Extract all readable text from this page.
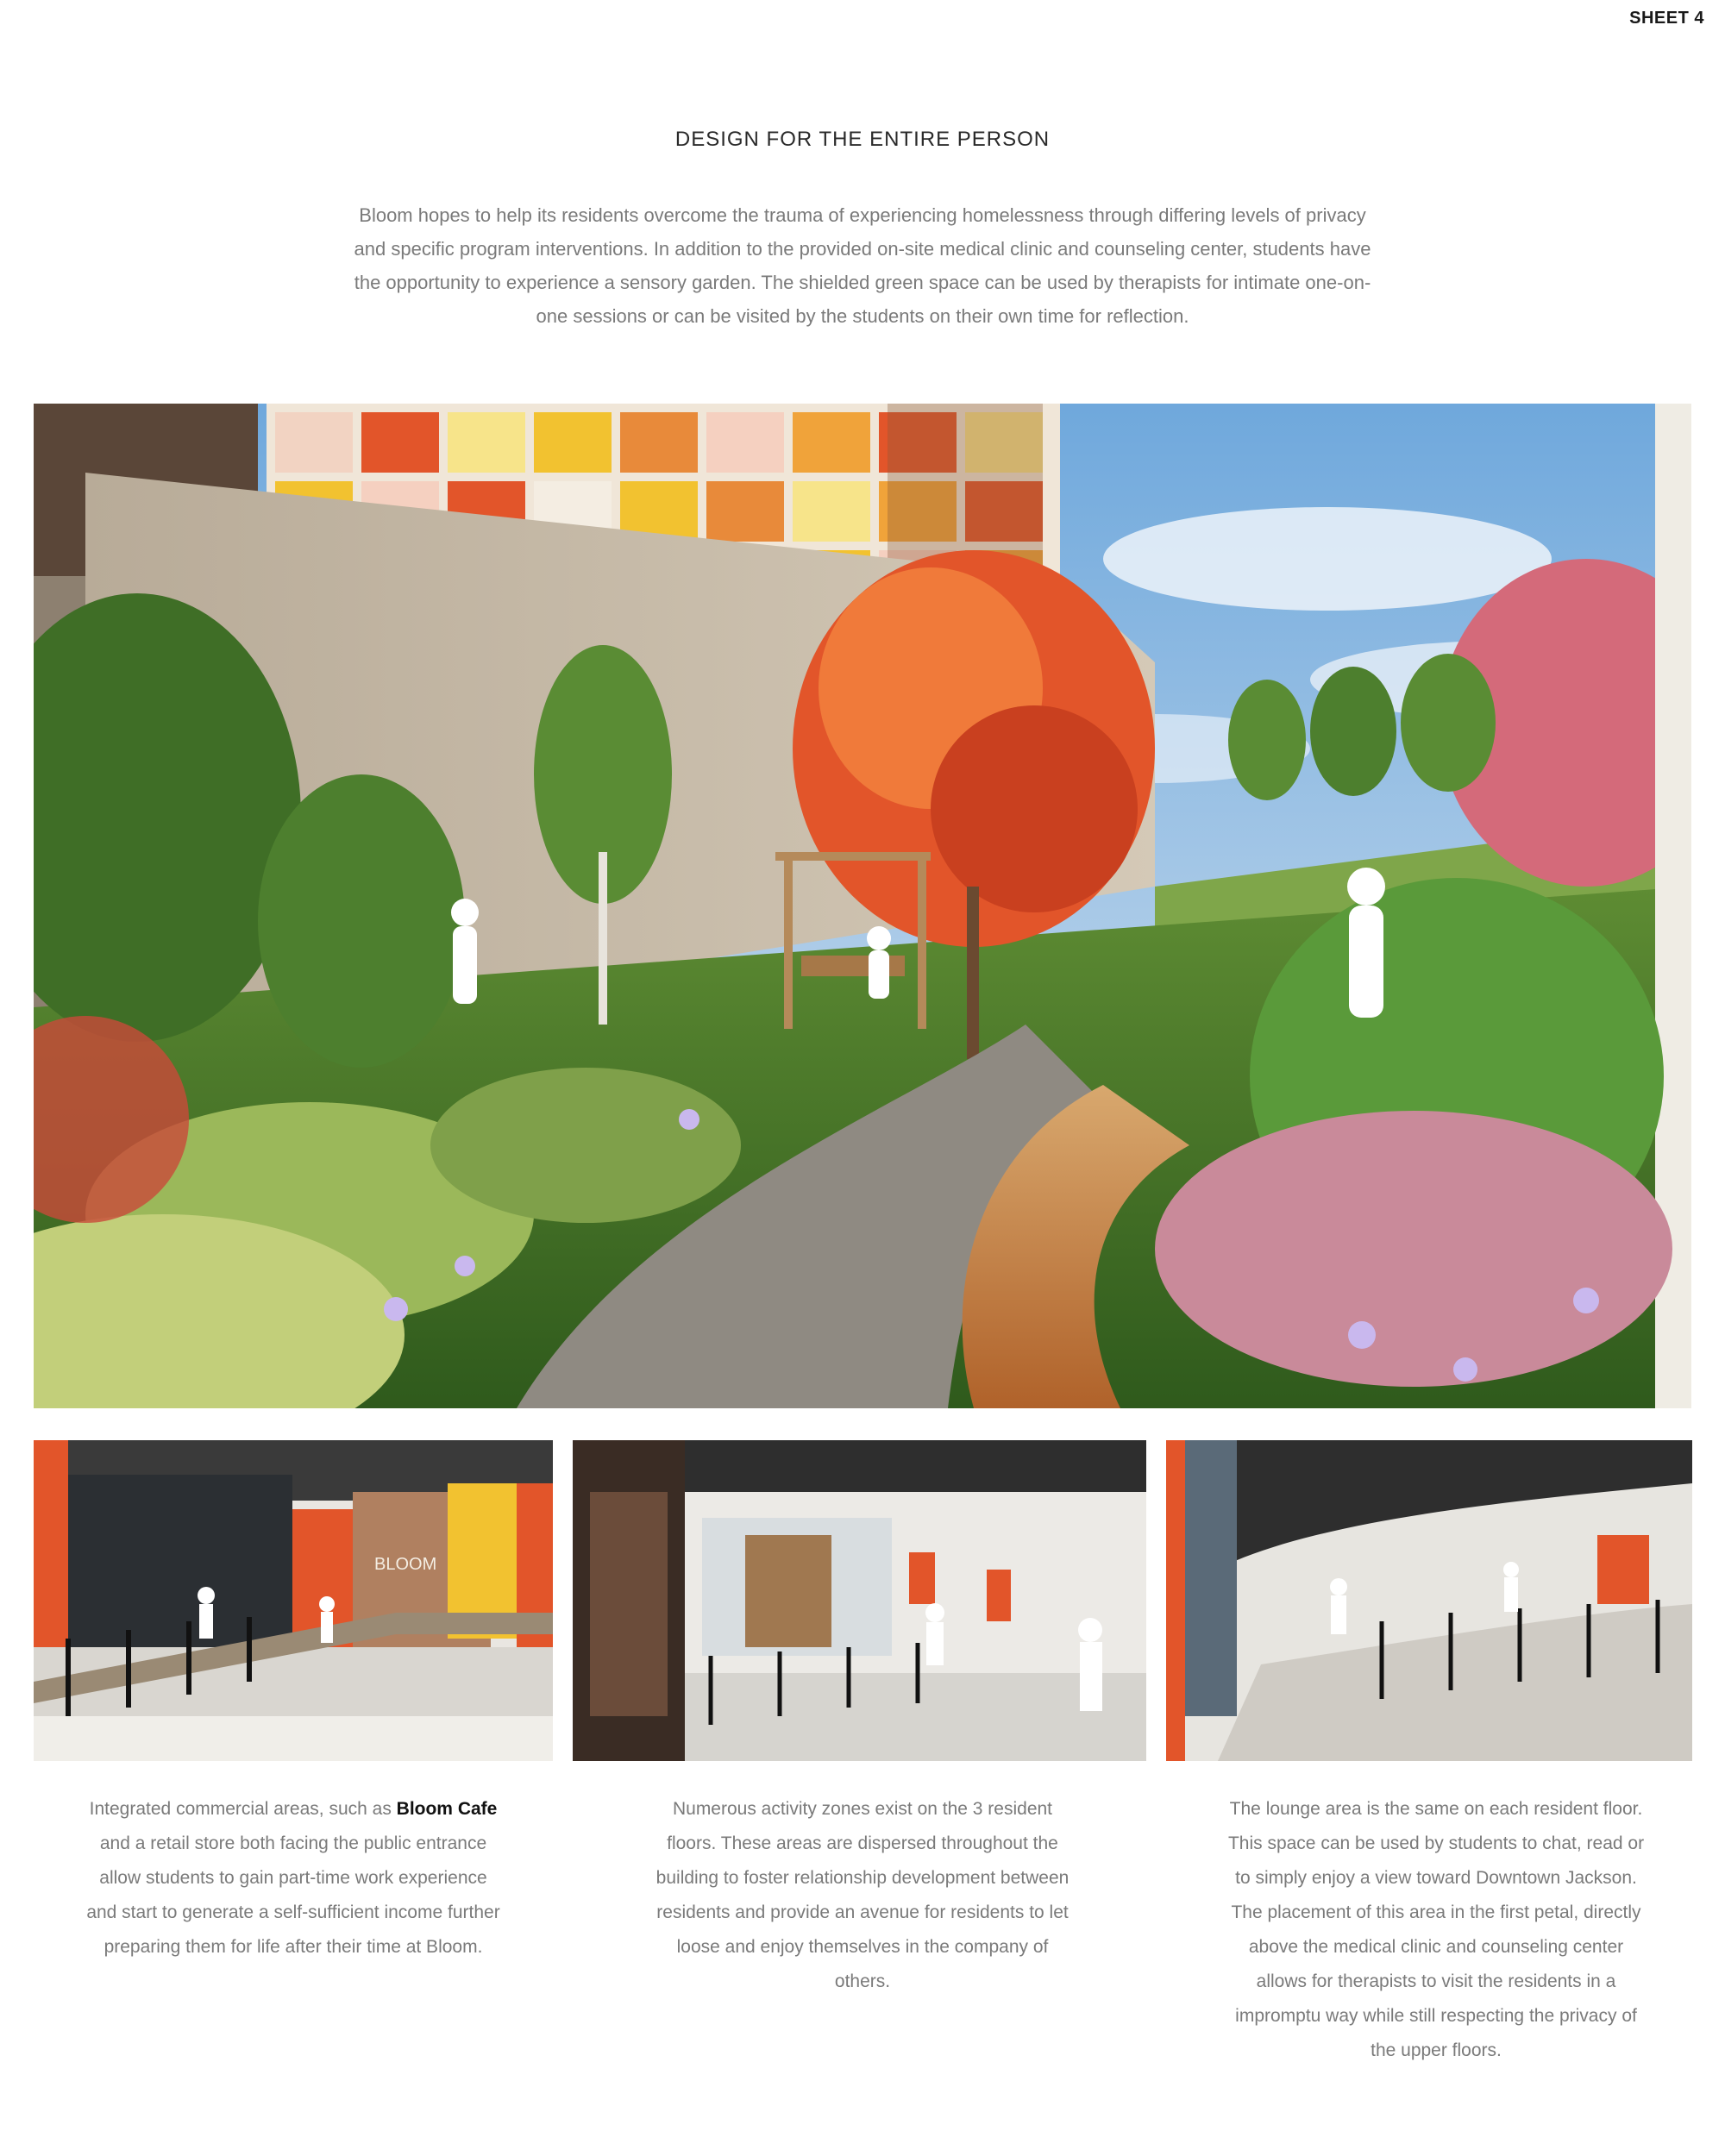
SHEET 4
DESIGN FOR THE ENTIRE PERSON
Bloom hopes to help its residents overcome the trauma of experiencing homelessness through differing levels of privacy and specific program interventions. In addition to the provided on-site medical clinic and counseling center, students have the opportunity to experience a sensory garden. The shielded green space can be used by therapists for intimate one-on-one sessions or can be visited by the students on their own time for reflection.
BLOOM
Integrated commercial areas, such as Bloom Cafe and a retail store both facing the public entrance allow students to gain part-time work experience and start to generate a self-sufficient income further preparing them for life after their time at Bloom.
Numerous activity zones exist on the 3 resident floors. These areas are dispersed throughout the building to foster relationship development between residents and provide an avenue for residents to let loose and enjoy themselves in the company of others.
The lounge area is the same on each resident floor. This space can be used by students to chat, read or to simply enjoy a view toward Downtown Jackson. The placement of this area in the first petal, directly above the medical clinic and counseling center allows for therapists to visit the residents in a impromptu way while still respecting the privacy of the upper floors.
